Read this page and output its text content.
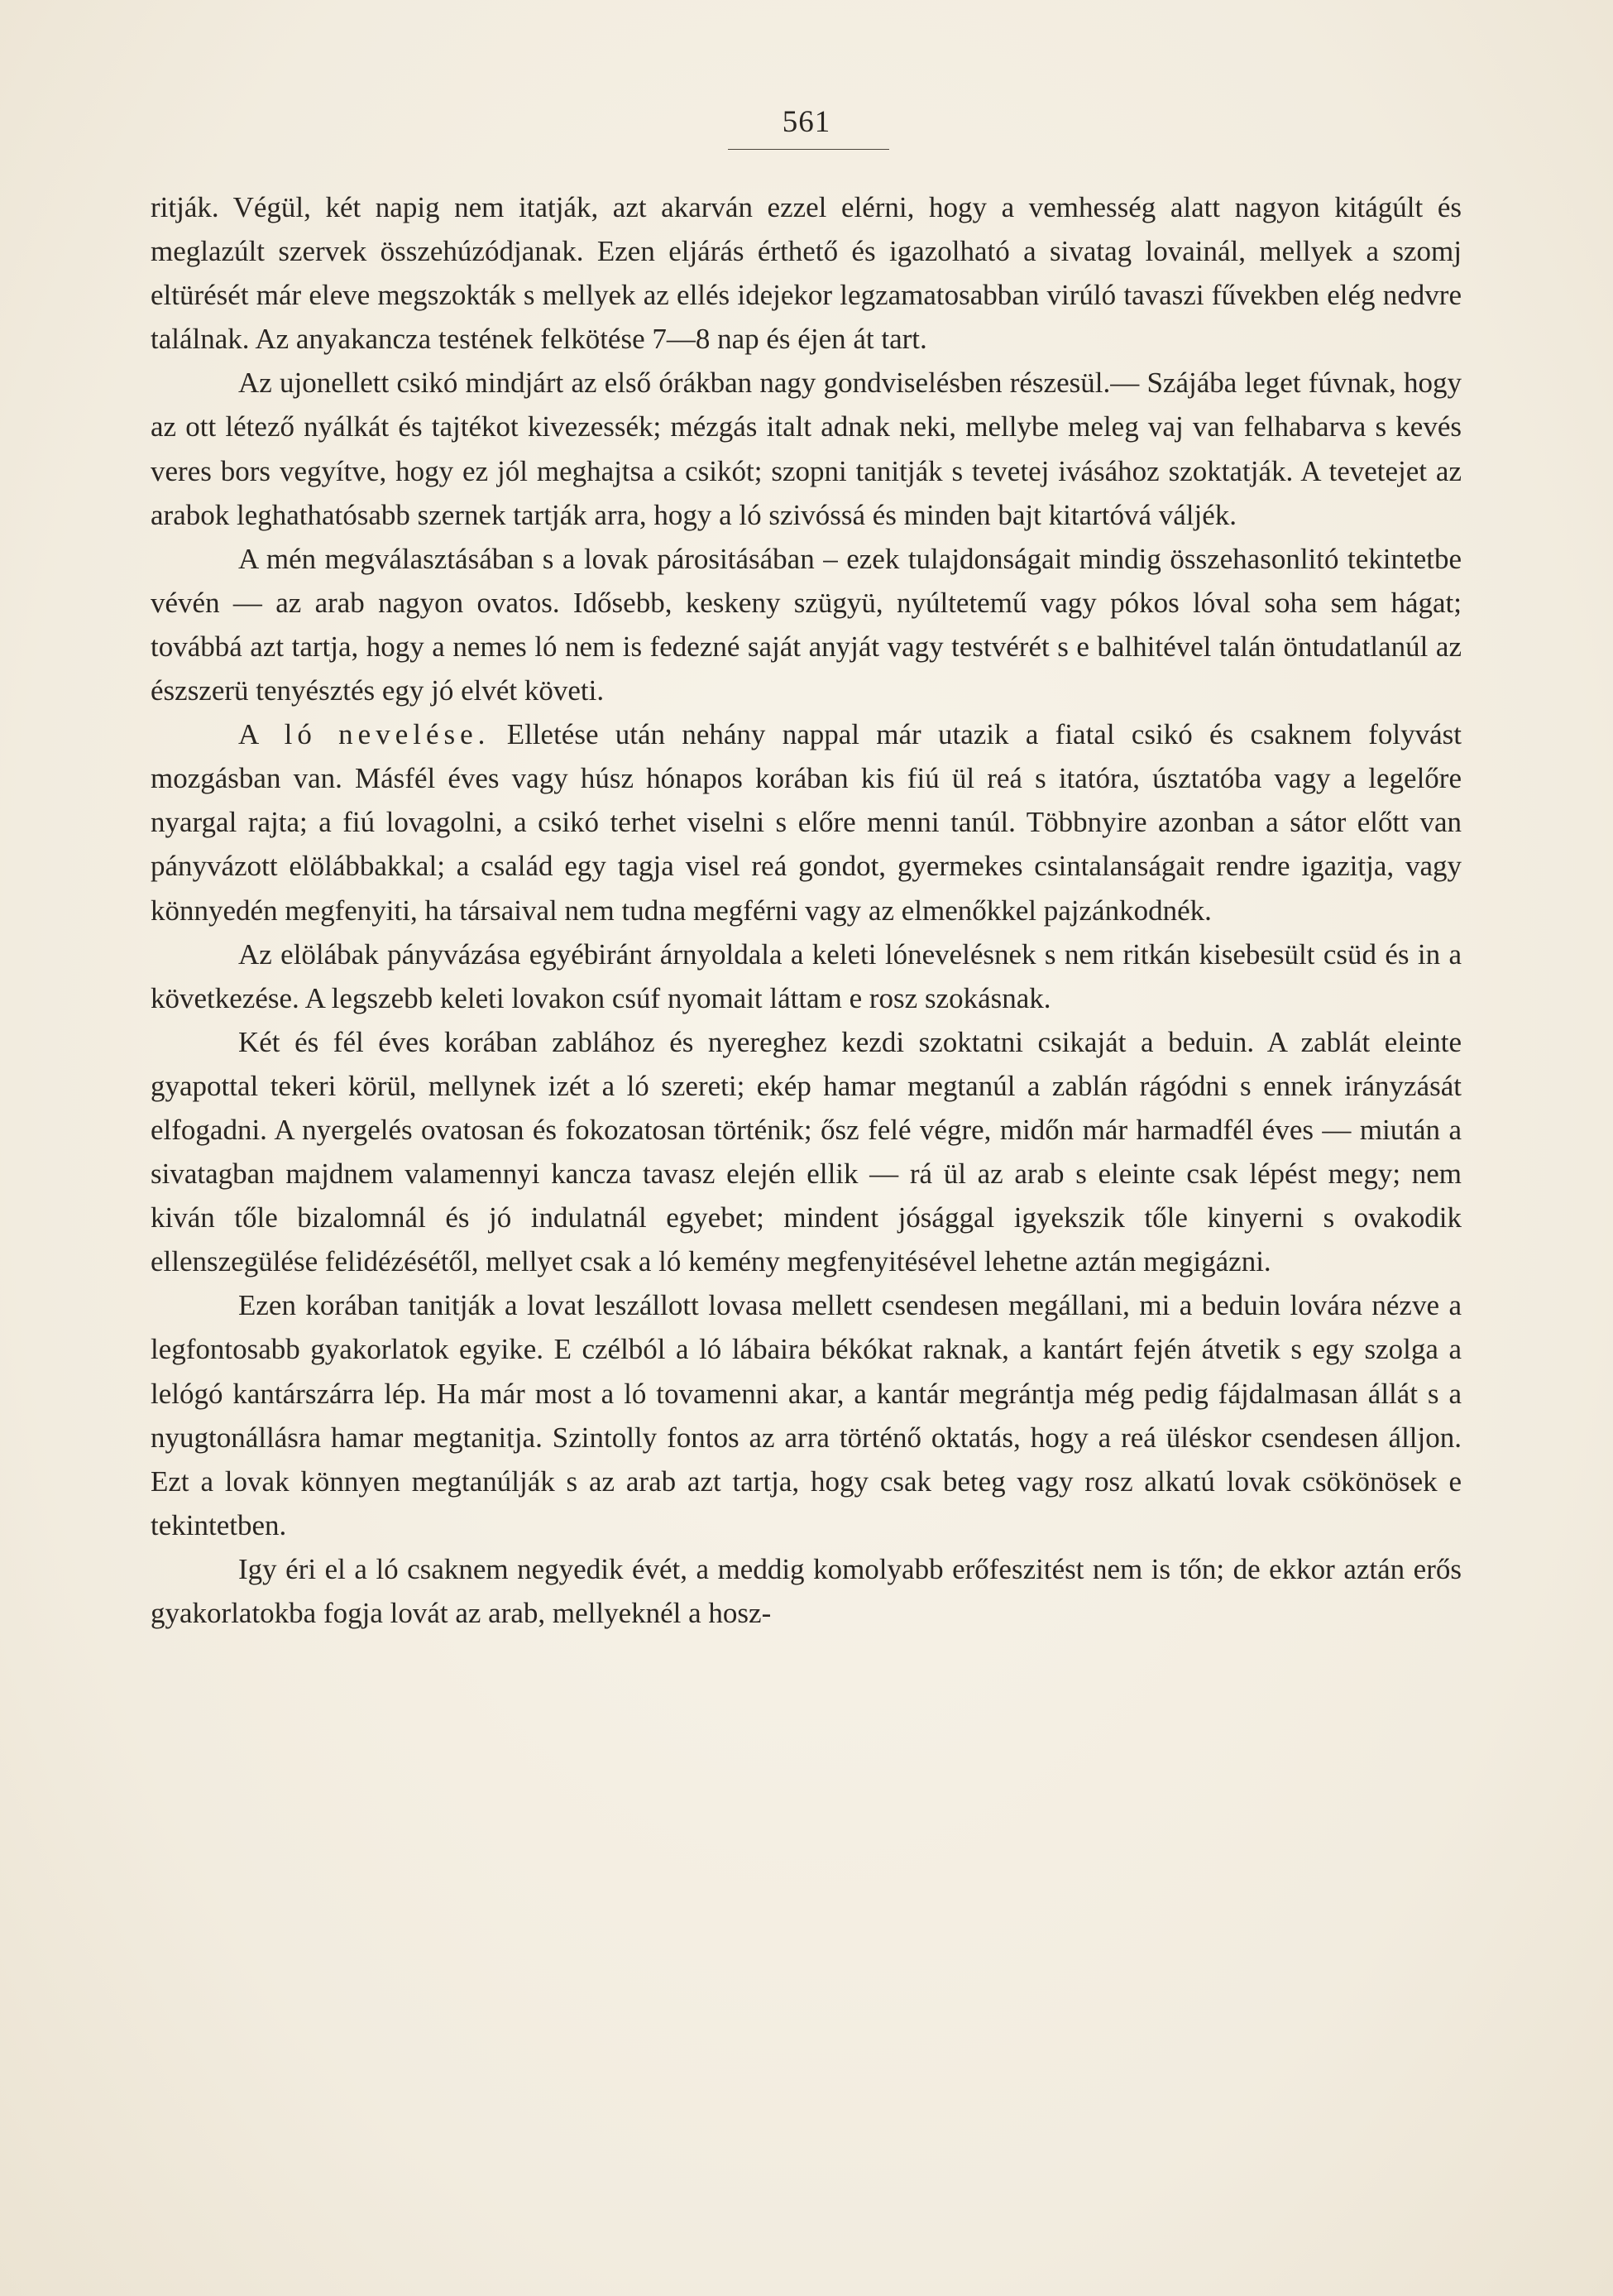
561

ritják. Végül, két napig nem itatják, azt akarván ezzel elérni, hogy a vemhesség alatt nagyon kitágúlt és meglazúlt szervek összehúzódjanak. Ezen eljárás érthető és igazolható a sivatag lovainál, mellyek a szomj eltürését már eleve megszokták s mellyek az ellés idejekor legzamatosabban virúló tavaszi fűvekben elég nedvre találnak. Az anyakancza testének felkötése 7—8 nap és éjen át tart.

Az ujonellett csikó mindjárt az első órákban nagy gondviselésben részesül.— Szájába leget fúvnak, hogy az ott létező nyálkát és tajtékot kivezessék; mézgás italt adnak neki, mellybe meleg vaj van felhabarva s kevés veres bors vegyítve, hogy ez jól meghajtsa a csikót; szopni tanitják s tevetej ivásához szoktatják. A tevetejet az arabok leghathatósabb szernek tartják arra, hogy a ló szivóssá és minden bajt kitartóvá váljék.

A mén megválasztásában s a lovak párositásában – ezek tulajdonságait mindig összehasonlitó tekintetbe vévén — az arab nagyon ovatos. Idősebb, keskeny szügyü, nyúltetemű vagy pókos lóval soha sem hágat; továbbá azt tartja, hogy a nemes ló nem is fedezné saját anyját vagy testvérét s e balhitével talán öntudatlanúl az észszerü tenyésztés egy jó elvét követi.

A ló nevelése. Elletése után nehány nappal már utazik a fiatal csikó és csaknem folyvást mozgásban van. Másfél éves vagy húsz hónapos korában kis fiú ül reá s itatóra, úsztatóba vagy a legelőre nyargal rajta; a fiú lovagolni, a csikó terhet viselni s előre menni tanúl. Többnyire azonban a sátor előtt van pányvázott elölábbakkal; a család egy tagja visel reá gondot, gyermekes csintalanságait rendre igazitja, vagy könnyedén megfenyiti, ha társaival nem tudna megférni vagy az elmenőkkel pajzánkodnék.

Az elölábak pányvázása egyébiránt árnyoldala a keleti lónevelésnek s nem ritkán kisebesült csüd és in a következése. A legszebb keleti lovakon csúf nyomait láttam e rosz szokásnak.

Két és fél éves korában zablához és nyereghez kezdi szoktatni csikaját a beduin. A zablát eleinte gyapottal tekeri körül, mellynek izét a ló szereti; ekép hamar megtanúl a zablán rágódni s ennek irányzását elfogadni. A nyergelés ovatosan és fokozatosan történik; ősz felé végre, midőn már harmadfél éves — miután a sivatagban majdnem valamennyi kancza tavasz elején ellik — rá ül az arab s eleinte csak lépést megy; nem kiván tőle bizalomnál és jó indulatnál egyebet; mindent jósággal igyekszik tőle kinyerni s ovakodik ellenszegülése felidézésétől, mellyet csak a ló kemény megfenyitésével lehetne aztán megigázni.

Ezen korában tanitják a lovat leszállott lovasa mellett csendesen megállani, mi a beduin lovára nézve a legfontosabb gyakorlatok egyike. E czélból a ló lábaira békókat raknak, a kantárt fején átvetik s egy szolga a lelógó kantárszárra lép. Ha már most a ló tovamenni akar, a kantár megrántja még pedig fájdalmasan állát s a nyugtonállásra hamar megtanitja. Szintolly fontos az arra történő oktatás, hogy a reá üléskor csendesen álljon. Ezt a lovak könnyen megtanúlják s az arab azt tartja, hogy csak beteg vagy rosz alkatú lovak csökönösek e tekintetben.

Igy éri el a ló csaknem negyedik évét, a meddig komolyabb erőfeszitést nem is tőn; de ekkor aztán erős gyakorlatokba fogja lovát az arab, mellyeknél a hosz-
